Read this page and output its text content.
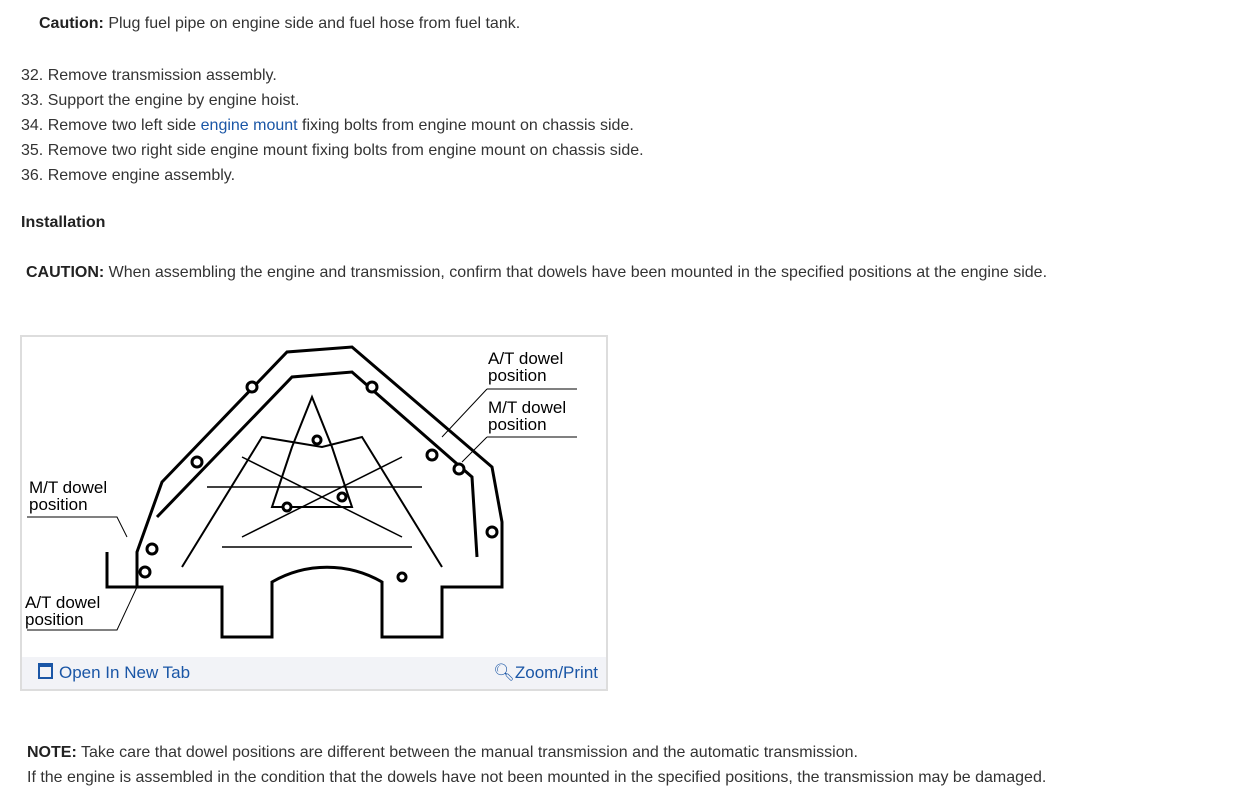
Caution: Plug fuel pipe on engine side and fuel hose from fuel tank.
32. Remove transmission assembly.
33. Support the engine by engine hoist.
34. Remove two left side engine mount fixing bolts from engine mount on chassis side.
35. Remove two right side engine mount fixing bolts from engine mount on chassis side.
36. Remove engine assembly.
Installation
CAUTION: When assembling the engine and transmission, confirm that dowels have been mounted in the specified positions at the engine side.
A/T dowel position
M/T dowel position
M/T dowel position
A/T dowel position
Open In New Tab	🔍︎Zoom/Print
NOTE: Take care that dowel positions are different between the manual transmission and the automatic transmission.
If the engine is assembled in the condition that the dowels have not been mounted in the specified positions, the transmission may be damaged.
